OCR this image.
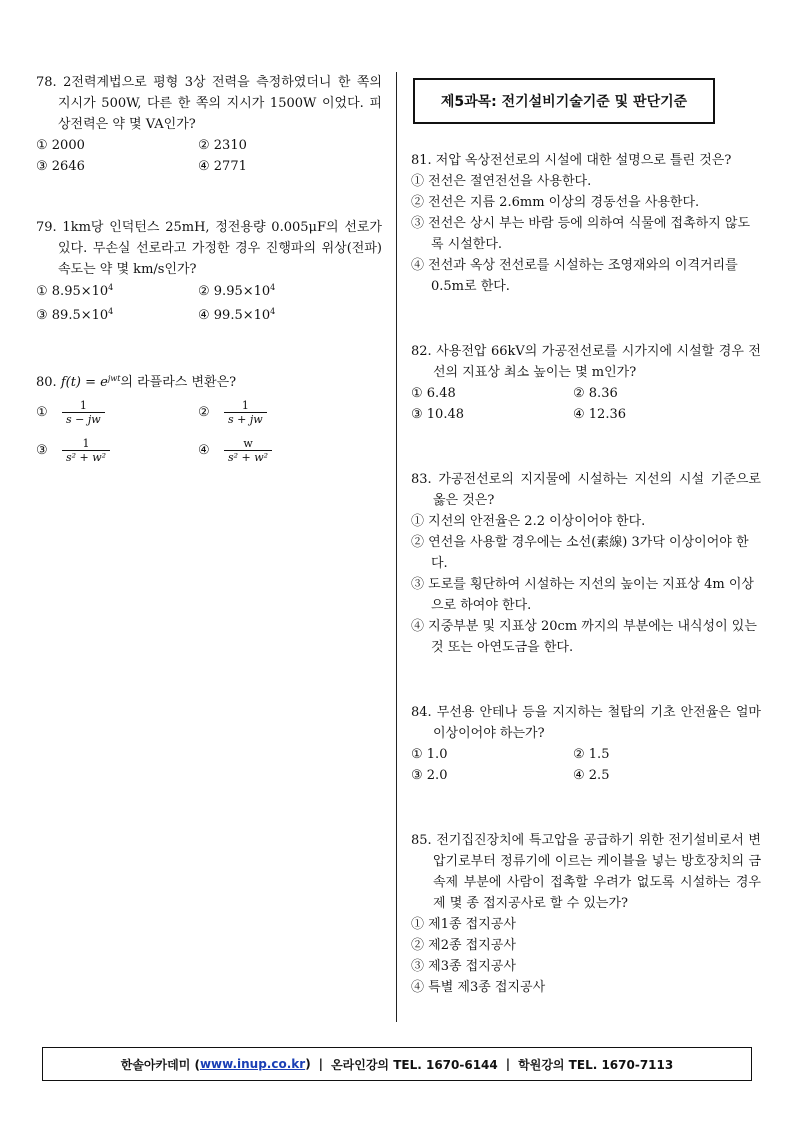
78. 2전력계법으로 평형 3상 전력을 측정하였더니 한 쪽의 지시가 500W, 다른 한 쪽의 지시가 1500W 이었다. 피상전력은 약 몇 VA인가?
① 2000	② 2310
③ 2646	④ 2771
79. 1km당 인덕턴스 25mH, 정전용량 0.005μF의 선로가 있다. 무손실 선로라고 가정한 경우 진행파의 위상(전파) 속도는 약 몇 km/s인가?
① $8.95\times 10^4$	② $9.95\times 10^4$
③ $89.5\times 10^4$	④ $99.5\times 10^4$
80. $f(t) = e^{jwt}$의 라플라스 변환은?
①	$\frac{1}{s - jw}$	②	$\frac{1}{s + jw}$
③	$\frac{1}{\text{s² + w²}}$	④	$\frac{w}{\text{s² + w²}}$
제5과목: 전기설비기술기준 및 판단기준
81. 저압 옥상전선로의 시설에 대한 설명으로 틀린 것은?
① 전선은 절연전선을 사용한다.
② 전선은 지름 2.6mm 이상의 경동선을 사용한다.
③ 전선은 상시 부는 바람 등에 의하여 식물에 접촉하지 않도록 시설한다.
④ 전선과 옥상 전선로를 시설하는 조영재와의 이격거리를 0.5m로 한다.
82. 사용전압 66kV의 가공전선로를 시가지에 시설할 경우 전선의 지표상 최소 높이는 몇 m인가?
① 6.48	② 8.36
③ 10.48	④ 12.36
83. 가공전선로의 지지물에 시설하는 지선의 시설 기준으로 옳은 것은?
① 지선의 안전율은 2.2 이상이어야 한다.
② 연선을 사용할 경우에는 소선(素線) 3가닥 이상이어야 한다.
③ 도로를 횡단하여 시설하는 지선의 높이는 지표상 4m 이상으로 하여야 한다.
④ 지중부분 및 지표상 20cm 까지의 부분에는 내식성이 있는 것 또는 아연도금을 한다.
84. 무선용 안테나 등을 지지하는 철탑의 기초 안전율은 얼마 이상이어야 하는가?
① 1.0	② 1.5
③ 2.0	④ 2.5
85. 전기집진장치에 특고압을 공급하기 위한 전기설비로서 변압기로부터 정류기에 이르는 케이블을 넣는 방호장치의 금속제 부분에 사람이 접촉할 우려가 없도록 시설하는 경우 제 몇 종 접지공사로 할 수 있는가?
① 제1종 접지공사
② 제2종 접지공사
③ 제3종 접지공사
④ 특별 제3종 접지공사
한솔아카데미 ( www.inup.co.kr ) | 온라인강의 TEL. 1670-6144 | 학원강의 TEL. 1670-7113
